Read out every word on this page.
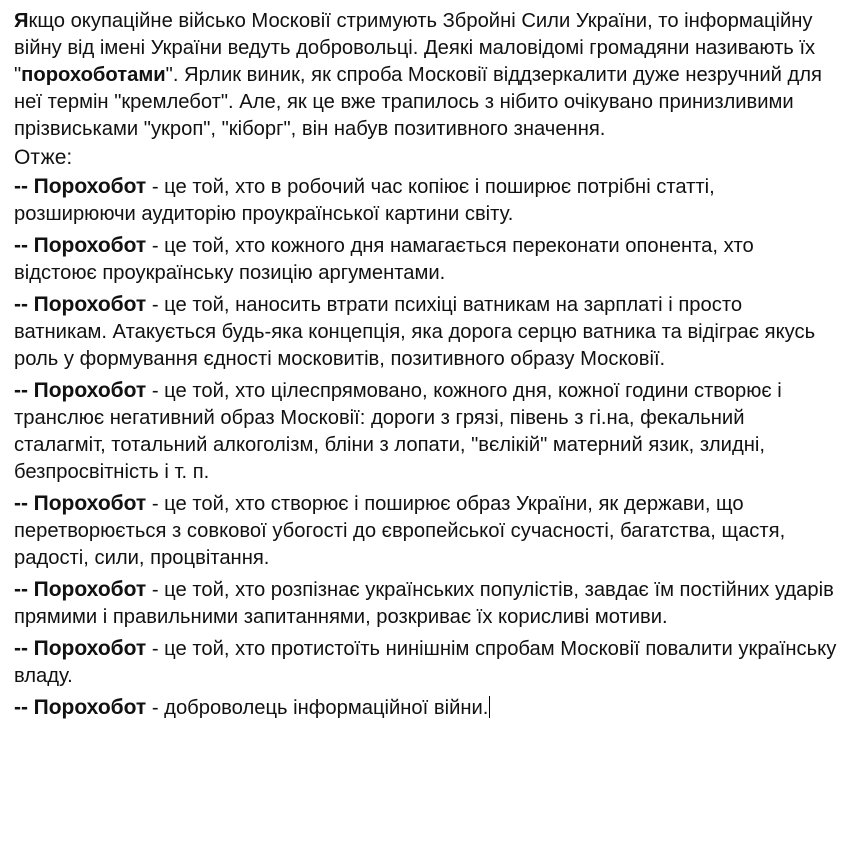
Якщо окупаційне військо Московії стримують Збройні Сили України, то інформаційну війну від імені України ведуть добровольці. Деякі маловідомі громадяни називають їх "порохоботами". Ярлик виник, як спроба Московії віддзеркалити дуже незручний для неї термін "кремлебот". Але, як це вже трапилось з нібито очікувано принизливими прізвиськами "укроп", "кіборг", він набув позитивного значення.

Отже:

-- Порохобот - це той, хто в робочий час копіює і поширює потрібні статті, розширюючи аудиторію проукраїнської картини світу.

-- Порохобот - це той, хто кожного дня намагається переконати опонента, хто відстоює проукраїнську позицію аргументами.

-- Порохобот - це той, наносить втрати психіці ватникам на зарплаті і просто ватникам. Атакується будь-яка концепція, яка дорога серцю ватника та відіграє якусь роль у формування єдності московитів, позитивного образу Московії.

-- Порохобот - це той, хто цілеспрямовано, кожного дня, кожної години створює і транслює негативний образ Московії: дороги з грязі, півень з гі.на, фекальний сталагміт, тотальний алкоголізм, бліни з лопати, "вєлікій" матерний язик, злидні, безпросвітність і т. п.

-- Порохобот - це той, хто створює і поширює образ України, як держави, що перетворюється з совкової убогості до європейської сучасності, багатства, щастя, радості, сили, процвітання.

-- Порохобот - це той, хто розпізнає українських популістів, завдає їм постійних ударів прямими і правильними запитаннями, розкриває їх корисливі мотиви.

-- Порохобот - це той, хто протистоїть нинішнім спробам Московії повалити українську владу.

-- Порохобот - доброволець інформаційної війни.
